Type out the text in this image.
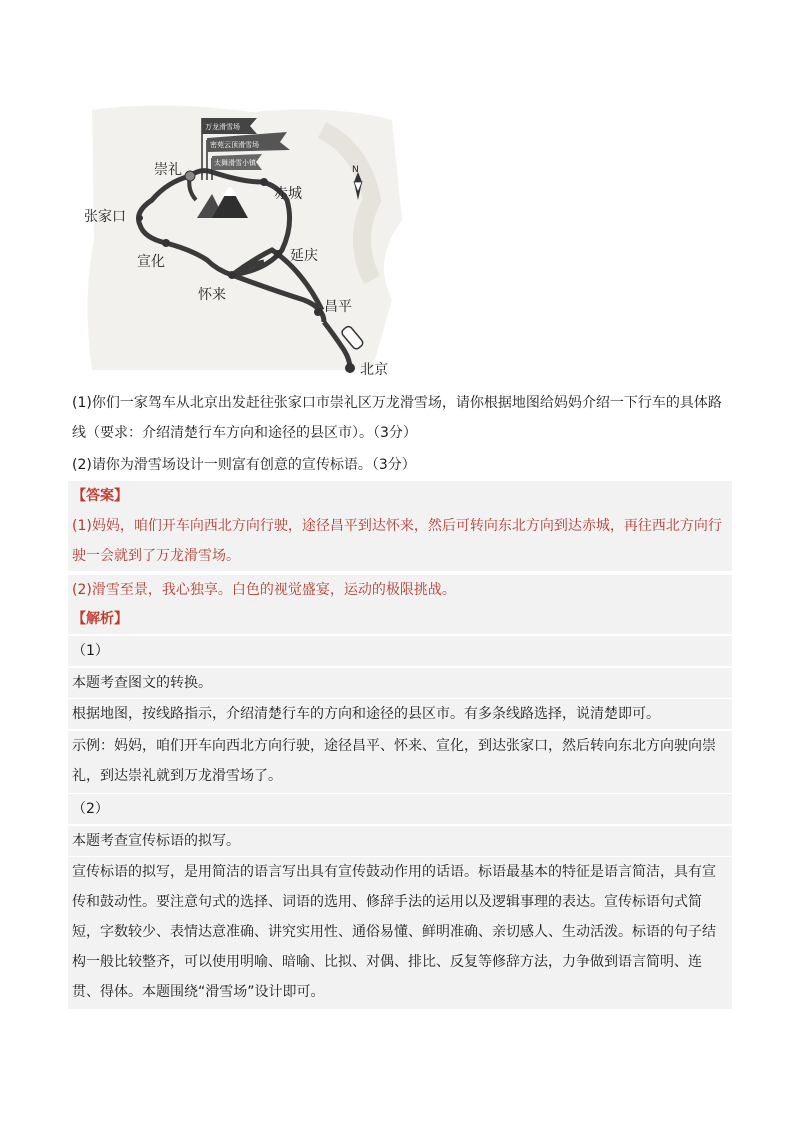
万龙滑雪场
密苑云顶滑雪场
太舞滑雪小镇
N
崇礼
张家口
宣化
怀来
延庆
昌平
北京
赤城

(1)你们一家驾车从北京出发赶往张家口市崇礼区万龙滑雪场，请你根据地图给妈妈介绍一下行车的具体路线（要求：介绍清楚行车方向和途径的县区市）。（3分）

(2)请你为滑雪场设计一则富有创意的宣传标语。（3分）

【答案】

(1)妈妈，咱们开车向西北方向行驶，途径昌平到达怀来，然后可转向东北方向到达赤城，再往西北方向行驶一会就到了万龙滑雪场。

(2)滑雪至景，我心独享。白色的视觉盛宴，运动的极限挑战。

【解析】

（1）

本题考查图文的转换。

根据地图，按线路指示，介绍清楚行车的方向和途径的县区市。有多条线路选择，说清楚即可。

示例：妈妈，咱们开车向西北方向行驶，途径昌平、怀来、宣化，到达张家口，然后转向东北方向驶向崇礼，到达崇礼就到万龙滑雪场了。

（2）

本题考查宣传标语的拟写。

宣传标语的拟写，是用简洁的语言写出具有宣传鼓动作用的话语。标语最基本的特征是语言简洁，具有宣传和鼓动性。要注意句式的选择、词语的选用、修辞手法的运用以及逻辑事理的表达。宣传标语句式简短，字数较少、表情达意准确、讲究实用性、通俗易懂、鲜明准确、亲切感人、生动活泼。标语的句子结构一般比较整齐，可以使用明喻、暗喻、比拟、对偶、排比、反复等修辞方法，力争做到语言简明、连贯、得体。本题围绕“滑雪场”设计即可。
